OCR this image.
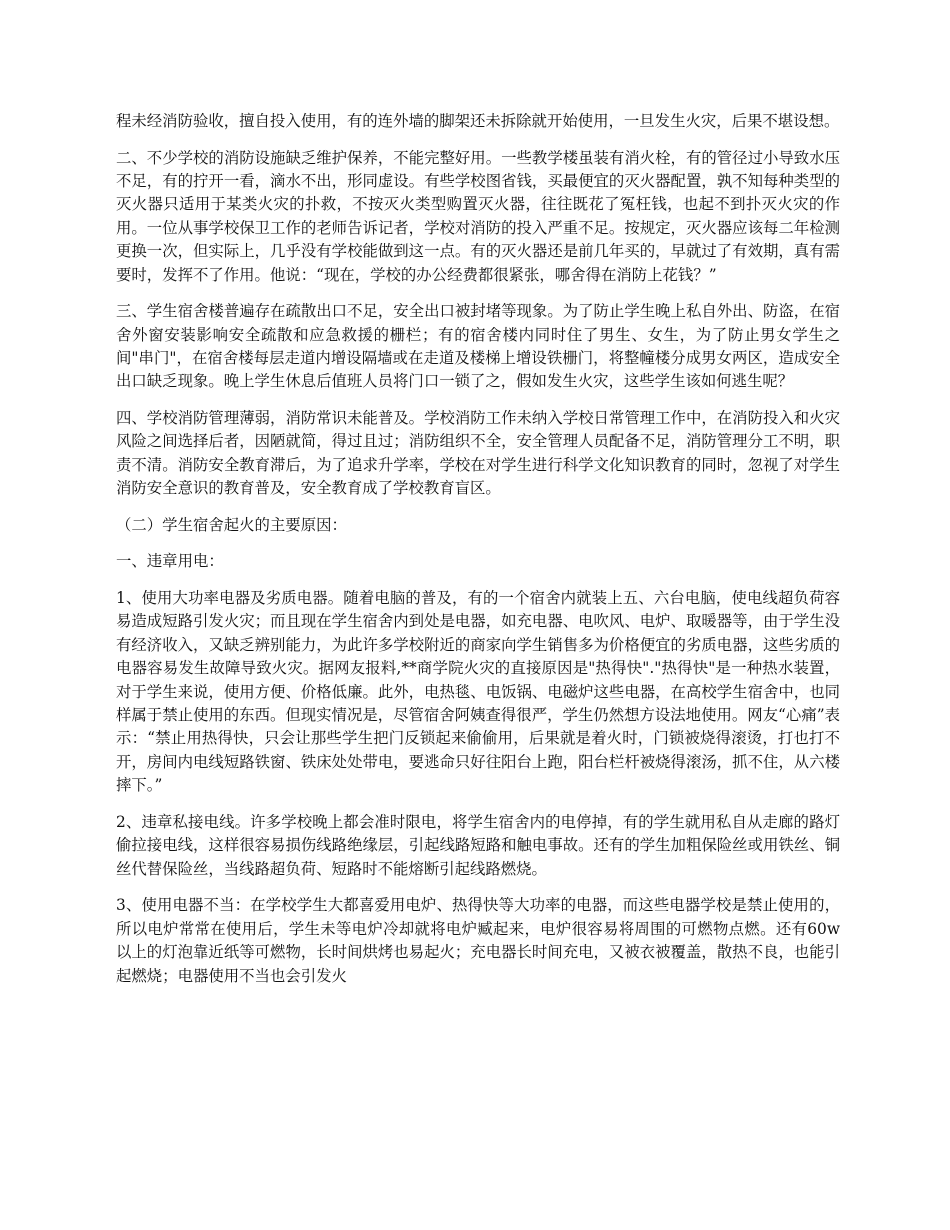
程未经消防验收，擅自投入使用，有的连外墙的脚架还未拆除就开始使用，一旦发生火灾，后果不堪设想。

二、不少学校的消防设施缺乏维护保养，不能完整好用。一些教学楼虽装有消火栓，有的管径过小导致水压不足，有的拧开一看，滴水不出，形同虚设。有些学校图省钱，买最便宜的灭火器配置，孰不知每种类型的灭火器只适用于某类火灾的扑救，不按灭火类型购置灭火器，往往既花了冤枉钱，也起不到扑灭火灾的作用。一位从事学校保卫工作的老师告诉记者，学校对消防的投入严重不足。按规定，灭火器应该每二年检测更换一次，但实际上，几乎没有学校能做到这一点。有的灭火器还是前几年买的，早就过了有效期，真有需要时，发挥不了作用。他说：“现在，学校的办公经费都很紧张，哪舍得在消防上花钱？”

三、学生宿舍楼普遍存在疏散出口不足，安全出口被封堵等现象。为了防止学生晚上私自外出、防盗，在宿舍外窗安装影响安全疏散和应急救援的栅栏；有的宿舍楼内同时住了男生、女生，为了防止男女学生之间"串门"，在宿舍楼每层走道内增设隔墙或在走道及楼梯上增设铁栅门，将整幢楼分成男女两区，造成安全出口缺乏现象。晚上学生休息后值班人员将门口一锁了之，假如发生火灾，这些学生该如何逃生呢？

四、学校消防管理薄弱，消防常识未能普及。学校消防工作未纳入学校日常管理工作中，在消防投入和火灾风险之间选择后者，因陋就简，得过且过；消防组织不全，安全管理人员配备不足，消防管理分工不明，职责不清。消防安全教育滞后，为了追求升学率，学校在对学生进行科学文化知识教育的同时，忽视了对学生消防安全意识的教育普及，安全教育成了学校教育盲区。

（二）学生宿舍起火的主要原因：

一、违章用电：

1、使用大功率电器及劣质电器。随着电脑的普及，有的一个宿舍内就装上五、六台电脑，使电线超负荷容易造成短路引发火灾；而且现在学生宿舍内到处是电器，如充电器、电吹风、电炉、取暖器等，由于学生没有经济收入，又缺乏辨别能力，为此许多学校附近的商家向学生销售多为价格便宜的劣质电器，这些劣质的电器容易发生故障导致火灾。据网友报料,**商学院火灾的直接原因是"热得快"."热得快"是一种热水装置，对于学生来说，使用方便、价格低廉。此外，电热毯、电饭锅、电磁炉这些电器，在高校学生宿舍中，也同样属于禁止使用的东西。但现实情况是，尽管宿舍阿姨查得很严，学生仍然想方设法地使用。网友“心痛”表示：“禁止用热得快，只会让那些学生把门反锁起来偷偷用，后果就是着火时，门锁被烧得滚烫，打也打不开，房间内电线短路铁窗、铁床处处带电，要逃命只好往阳台上跑，阳台栏杆被烧得滚汤，抓不住，从六楼摔下。”

2、违章私接电线。许多学校晚上都会准时限电，将学生宿舍内的电停掉，有的学生就用私自从走廊的路灯偷拉接电线，这样很容易损伤线路绝缘层，引起线路短路和触电事故。还有的学生加粗保险丝或用铁丝、铜丝代替保险丝，当线路超负荷、短路时不能熔断引起线路燃烧。

3、使用电器不当：在学校学生大都喜爱用电炉、热得快等大功率的电器，而这些电器学校是禁止使用的，所以电炉常常在使用后，学生未等电炉冷却就将电炉臧起来，电炉很容易将周围的可燃物点燃。还有60w以上的灯泡靠近纸等可燃物，长时间烘烤也易起火；充电器长时间充电，又被衣被覆盖，散热不良，也能引起燃烧；电器使用不当也会引发火
